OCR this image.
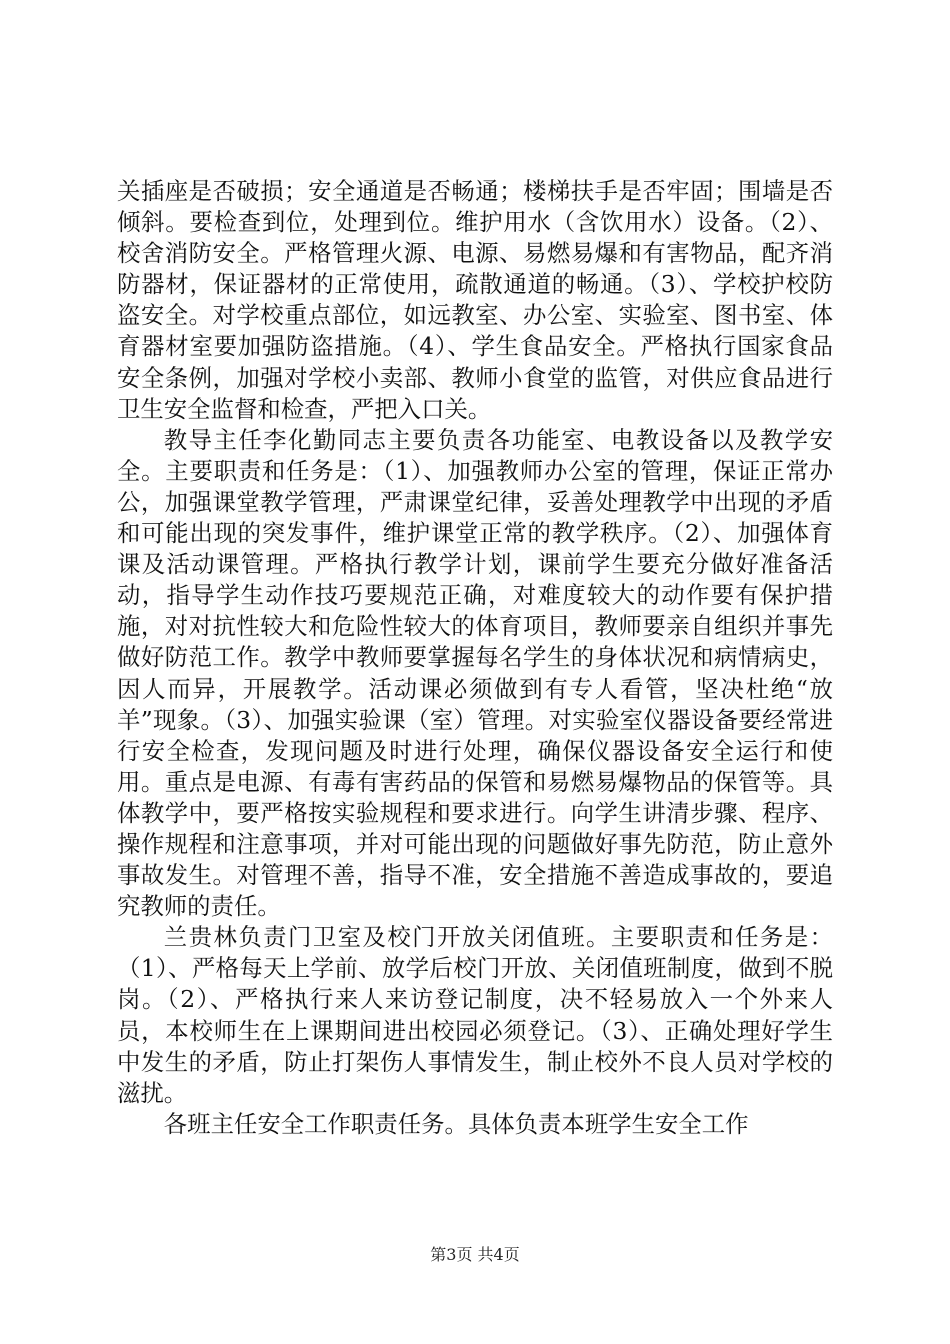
关插座是否破损；安全通道是否畅通；楼梯扶手是否牢固；围墙是否倾斜。要检查到位，处理到位。维护用水（含饮用水）设备。（2）、校舍消防安全。严格管理火源、电源、易燃易爆和有害物品，配齐消防器材，保证器材的正常使用，疏散通道的畅通。（3）、学校护校防盗安全。对学校重点部位，如远教室、办公室、实验室、图书室、体育器材室要加强防盗措施。（4）、学生食品安全。严格执行国家食品安全条例，加强对学校小卖部、教师小食堂的监管，对供应食品进行卫生安全监督和检查，严把入口关。

教导主任李化勤同志主要负责各功能室、电教设备以及教学安全。主要职责和任务是：（1）、加强教师办公室的管理，保证正常办公，加强课堂教学管理，严肃课堂纪律，妥善处理教学中出现的矛盾和可能出现的突发事件，维护课堂正常的教学秩序。（2）、加强体育课及活动课管理。严格执行教学计划，课前学生要充分做好准备活动，指导学生动作技巧要规范正确，对难度较大的动作要有保护措施，对对抗性较大和危险性较大的体育项目，教师要亲自组织并事先做好防范工作。教学中教师要掌握每名学生的身体状况和病情病史，因人而异，开展教学。活动课必须做到有专人看管，坚决杜绝“放羊”现象。（3）、加强实验课（室）管理。对实验室仪器设备要经常进行安全检查，发现问题及时进行处理，确保仪器设备安全运行和使用。重点是电源、有毒有害药品的保管和易燃易爆物品的保管等。具体教学中，要严格按实验规程和要求进行。向学生讲清步骤、程序、操作规程和注意事项，并对可能出现的问题做好事先防范，防止意外事故发生。对管理不善，指导不准，安全措施不善造成事故的，要追究教师的责任。

兰贵林负责门卫室及校门开放关闭值班。主要职责和任务是：（1）、严格每天上学前、放学后校门开放、关闭值班制度，做到不脱岗。（2）、严格执行来人来访登记制度，决不轻易放入一个外来人员，本校师生在上课期间进出校园必须登记。（3）、正确处理好学生中发生的矛盾，防止打架伤人事情发生，制止校外不良人员对学校的滋扰。

各班主任安全工作职责任务。具体负责本班学生安全工作

第3页 共4页
